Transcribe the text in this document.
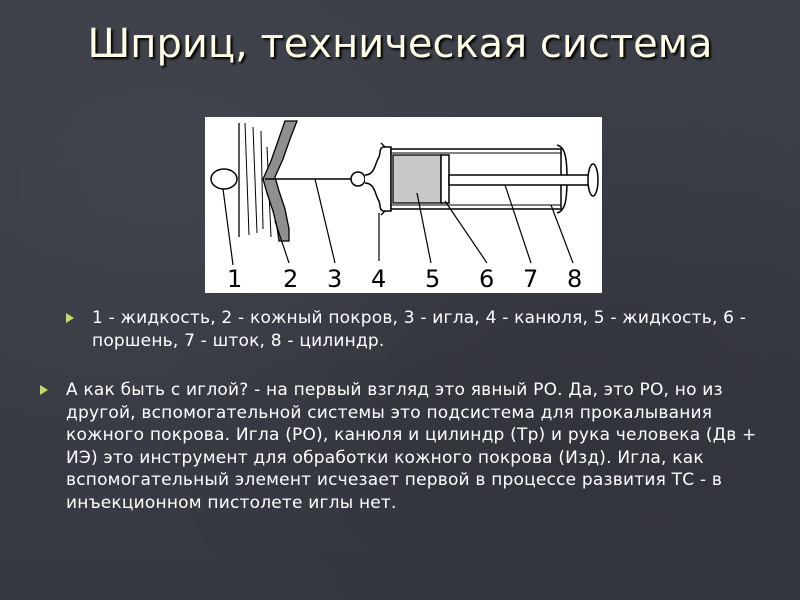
Шприц, техническая система
1 2 3 4 5 6 7 8
1 - жидкость, 2 - кожный покров, 3 - игла, 4 - канюля, 5 - жидкость, 6 - поршень, 7 - шток, 8 - цилиндр.
А как быть с иглой? - на первый взгляд это явный РО. Да, это РО, но из другой, вспомогательной системы это подсистема для прокалывания кожного покрова. Игла (РО), канюля и цилиндр (Тр) и рука человека (Дв + ИЭ) это инструмент для обработки кожного покрова (Изд). Игла, как вспомогательный элемент исчезает первой в процессе развития ТС - в инъекционном пистолете иглы нет.
